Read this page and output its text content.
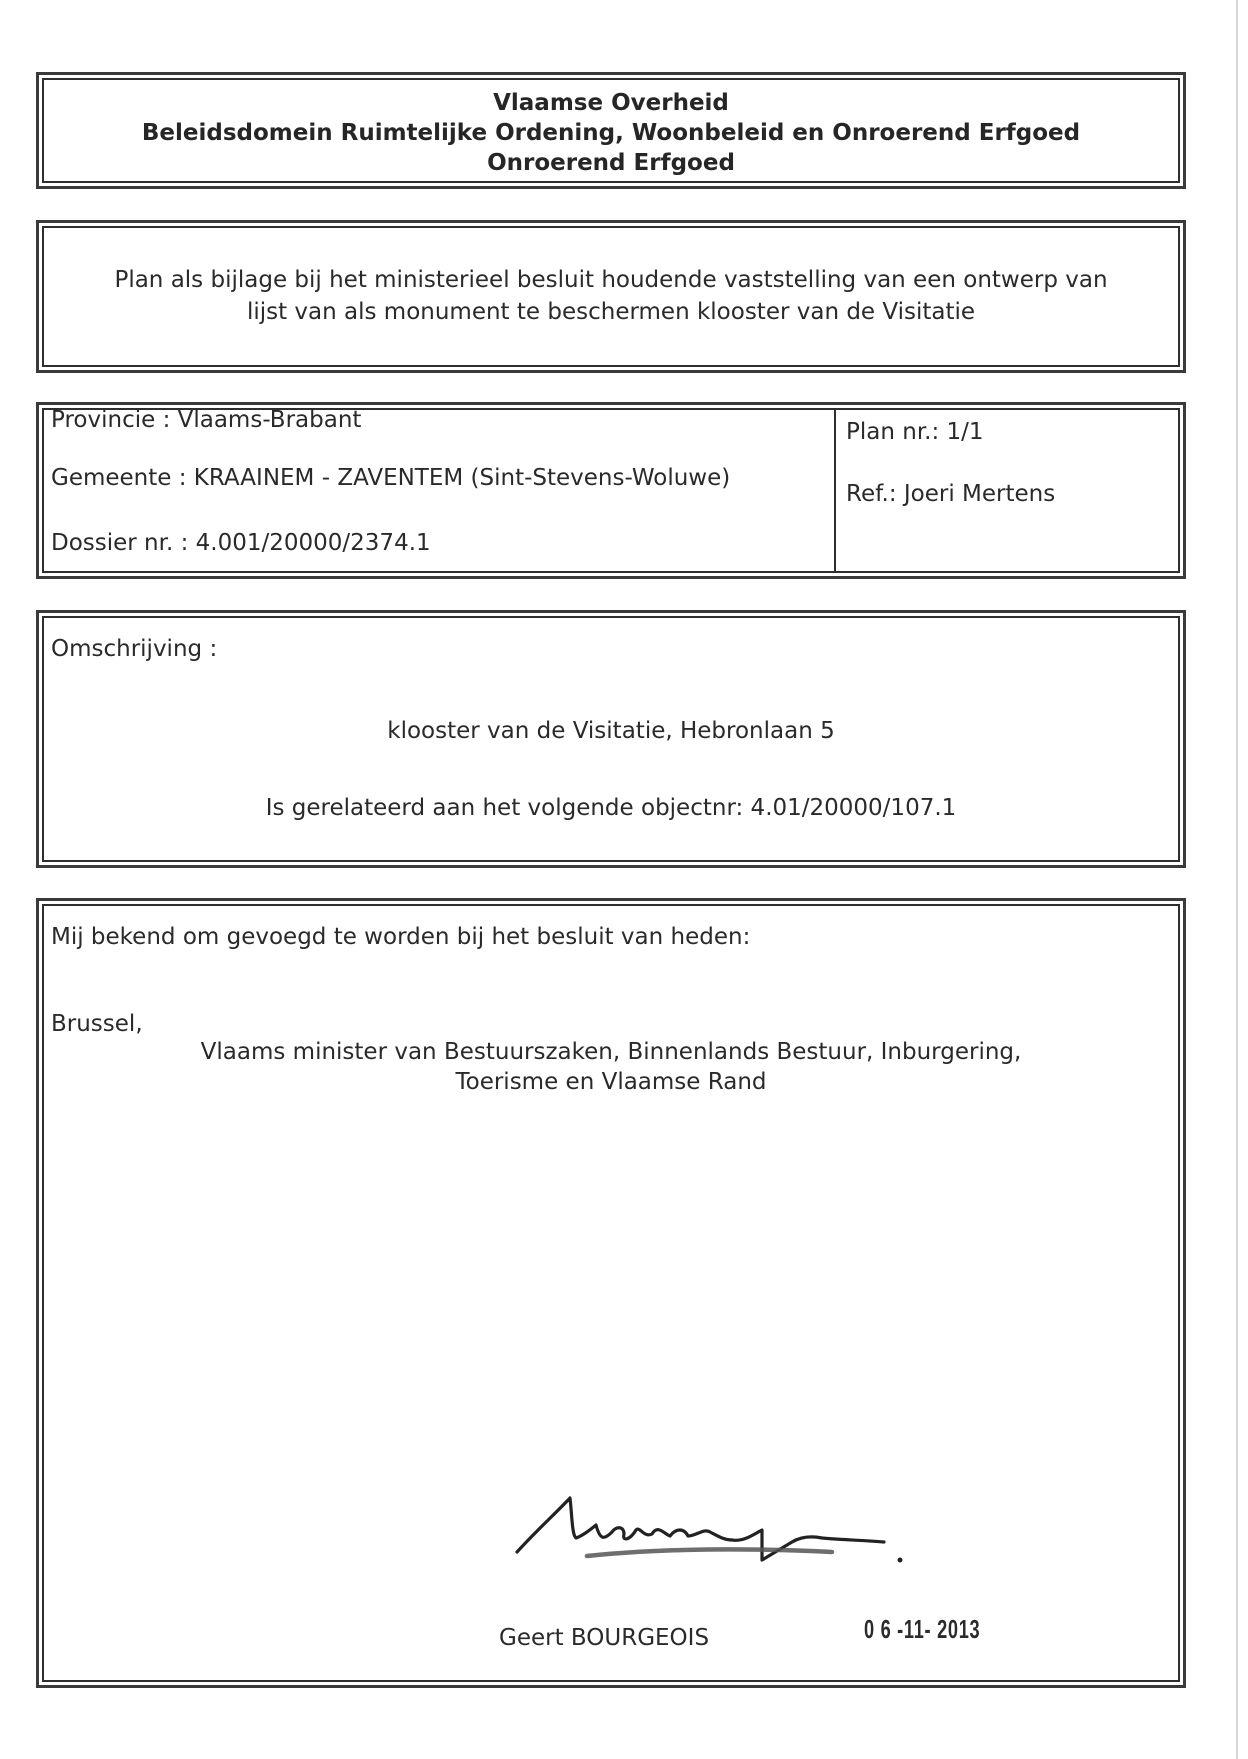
Vlaamse Overheid
Beleidsdomein Ruimtelijke Ordening, Woonbeleid en Onroerend Erfgoed
Onroerend Erfgoed
Plan als bijlage bij het ministerieel besluit houdende vaststelling van een ontwerp van
lijst van als monument te beschermen klooster van de Visitatie
Provincie : Vlaams-Brabant
Gemeente : KRAAINEM - ZAVENTEM (Sint-Stevens-Woluwe)
Dossier nr. : 4.001/20000/2374.1
Plan nr.: 1/1
Ref.: Joeri Mertens
Omschrijving :
klooster van de Visitatie, Hebronlaan 5
Is gerelateerd aan het volgende objectnr: 4.01/20000/107.1
Mij bekend om gevoegd te worden bij het besluit van heden:
Brussel,
Vlaams minister van Bestuurszaken, Binnenlands Bestuur, Inburgering,
Toerisme en Vlaamse Rand
Geert BOURGEOIS	0 6 -11- 2013
